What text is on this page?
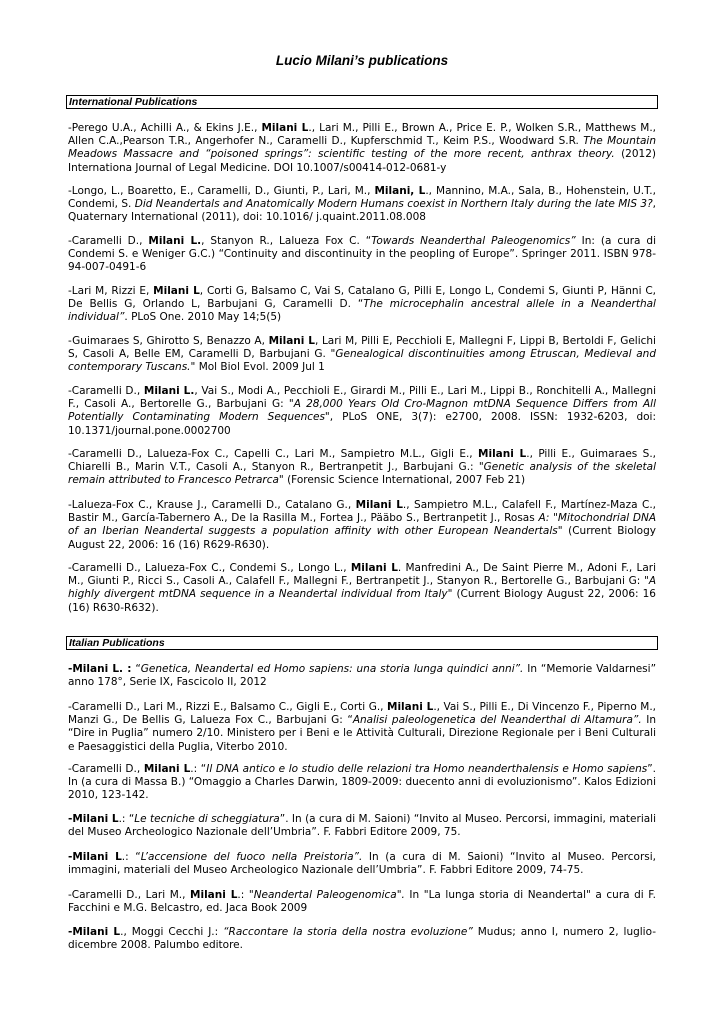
Lucio Milani’s publications
International Publications
-Perego U.A., Achilli A., & Ekins J.E., Milani L., Lari M., Pilli E., Brown A., Price E. P., Wolken S.R., Matthews M., Allen C.A.,Pearson T.R., Angerhofer N., Caramelli D., Kupferschmid T., Keim P.S., Woodward S.R. The Mountain Meadows Massacre and “poisoned springs”: scientific testing of the more recent, anthrax theory. (2012) Internationa Journal of Legal Medicine. DOI 10.1007/s00414-012-0681-y
-Longo, L., Boaretto, E., Caramelli, D., Giunti, P., Lari, M., Milani, L., Mannino, M.A., Sala, B., Hohenstein, U.T., Condemi, S. Did Neandertals and Anatomically Modern Humans coexist in Northern Italy during the late MIS 3?, Quaternary International (2011), doi: 10.1016/ j.quaint.2011.08.008
-Caramelli D., Milani L., Stanyon R., Lalueza Fox C. “Towards Neanderthal Paleogenomics” In: (a cura di Condemi S. e Weniger G.C.) “Continuity and discontinuity in the peopling of Europe”. Springer 2011. ISBN 978-94-007-0491-6
-Lari M, Rizzi E, Milani L, Corti G, Balsamo C, Vai S, Catalano G, Pilli E, Longo L, Condemi S, Giunti P, Hänni C, De Bellis G, Orlando L, Barbujani G, Caramelli D. “The microcephalin ancestral allele in a Neanderthal individual”. PLoS One. 2010 May 14;5(5)
-Guimaraes S, Ghirotto S, Benazzo A, Milani L, Lari M, Pilli E, Pecchioli E, Mallegni F, Lippi B, Bertoldi F, Gelichi S, Casoli A, Belle EM, Caramelli D, Barbujani G. "Genealogical discontinuities among Etruscan, Medieval and contemporary Tuscans." Mol Biol Evol. 2009 Jul 1
-Caramelli D., Milani L., Vai S., Modi A., Pecchioli E., Girardi M., Pilli E., Lari M., Lippi B., Ronchitelli A., Mallegni F., Casoli A., Bertorelle G., Barbujani G: "A 28,000 Years Old Cro-Magnon mtDNA Sequence Differs from All Potentially Contaminating Modern Sequences", PLoS ONE, 3(7): e2700, 2008. ISSN: 1932-6203, doi: 10.1371/journal.pone.0002700
-Caramelli D., Lalueza-Fox C., Capelli C., Lari M., Sampietro M.L., Gigli E., Milani L., Pilli E., Guimaraes S., Chiarelli B., Marin V.T., Casoli A., Stanyon R., Bertranpetit J., Barbujani G.: "Genetic analysis of the skeletal remain attributed to Francesco Petrarca" (Forensic Science International, 2007 Feb 21)
-Lalueza-Fox C., Krause J., Caramelli D., Catalano G., Milani L., Sampietro M.L., Calafell F., Martínez-Maza C., Bastir M., García-Tabernero A., De la Rasilla M., Fortea J., Pääbo S., Bertranpetit J., Rosas A: "Mitochondrial DNA of an Iberian Neandertal suggests a population affinity with other European Neandertals" (Current Biology August 22, 2006: 16 (16) R629-R630).
-Caramelli D., Lalueza-Fox C., Condemi S., Longo L., Milani L. Manfredini A., De Saint Pierre M., Adoni F., Lari M., Giunti P., Ricci S., Casoli A., Calafell F., Mallegni F., Bertranpetit J., Stanyon R., Bertorelle G., Barbujani G: "A highly divergent mtDNA sequence in a Neandertal individual from Italy" (Current Biology August 22, 2006: 16 (16) R630-R632).
Italian Publications
-Milani L. : “Genetica, Neandertal ed Homo sapiens: una storia lunga quindici anni”. In “Memorie Valdarnesi” anno 178°, Serie IX, Fascicolo II, 2012
-Caramelli D., Lari M., Rizzi E., Balsamo C., Gigli E., Corti G., Milani L., Vai S., Pilli E., Di Vincenzo F., Piperno M., Manzi G., De Bellis G, Lalueza Fox C., Barbujani G: “Analisi paleologenetica del Neanderthal di Altamura”. In “Dire in Puglia” numero 2/10. Ministero per i Beni e le Attività Culturali, Direzione Regionale per i Beni Culturali e Paesaggistici della Puglia, Viterbo 2010.
-Caramelli D., Milani L.: “Il DNA antico e lo studio delle relazioni tra Homo neanderthalensis e Homo sapiens”. In (a cura di Massa B.) “Omaggio a Charles Darwin, 1809-2009: duecento anni di evoluzionismo”. Kalos Edizioni 2010, 123-142.
-Milani L.: “Le tecniche di scheggiatura”. In (a cura di M. Saioni) “Invito al Museo. Percorsi, immagini, materiali del Museo Archeologico Nazionale dell’Umbria”. F. Fabbri Editore 2009, 75.
-Milani L.: “L’accensione del fuoco nella Preistoria”. In (a cura di M. Saioni) “Invito al Museo. Percorsi, immagini, materiali del Museo Archeologico Nazionale dell’Umbria”. F. Fabbri Editore 2009, 74-75.
-Caramelli D., Lari M., Milani L.: "Neandertal Paleogenomica". In "La lunga storia di Neandertal" a cura di F. Facchini e M.G. Belcastro, ed. Jaca Book 2009
-Milani L., Moggi Cecchi J.: “Raccontare la storia della nostra evoluzione” Mudus; anno I, numero 2, luglio-dicembre 2008. Palumbo editore.
